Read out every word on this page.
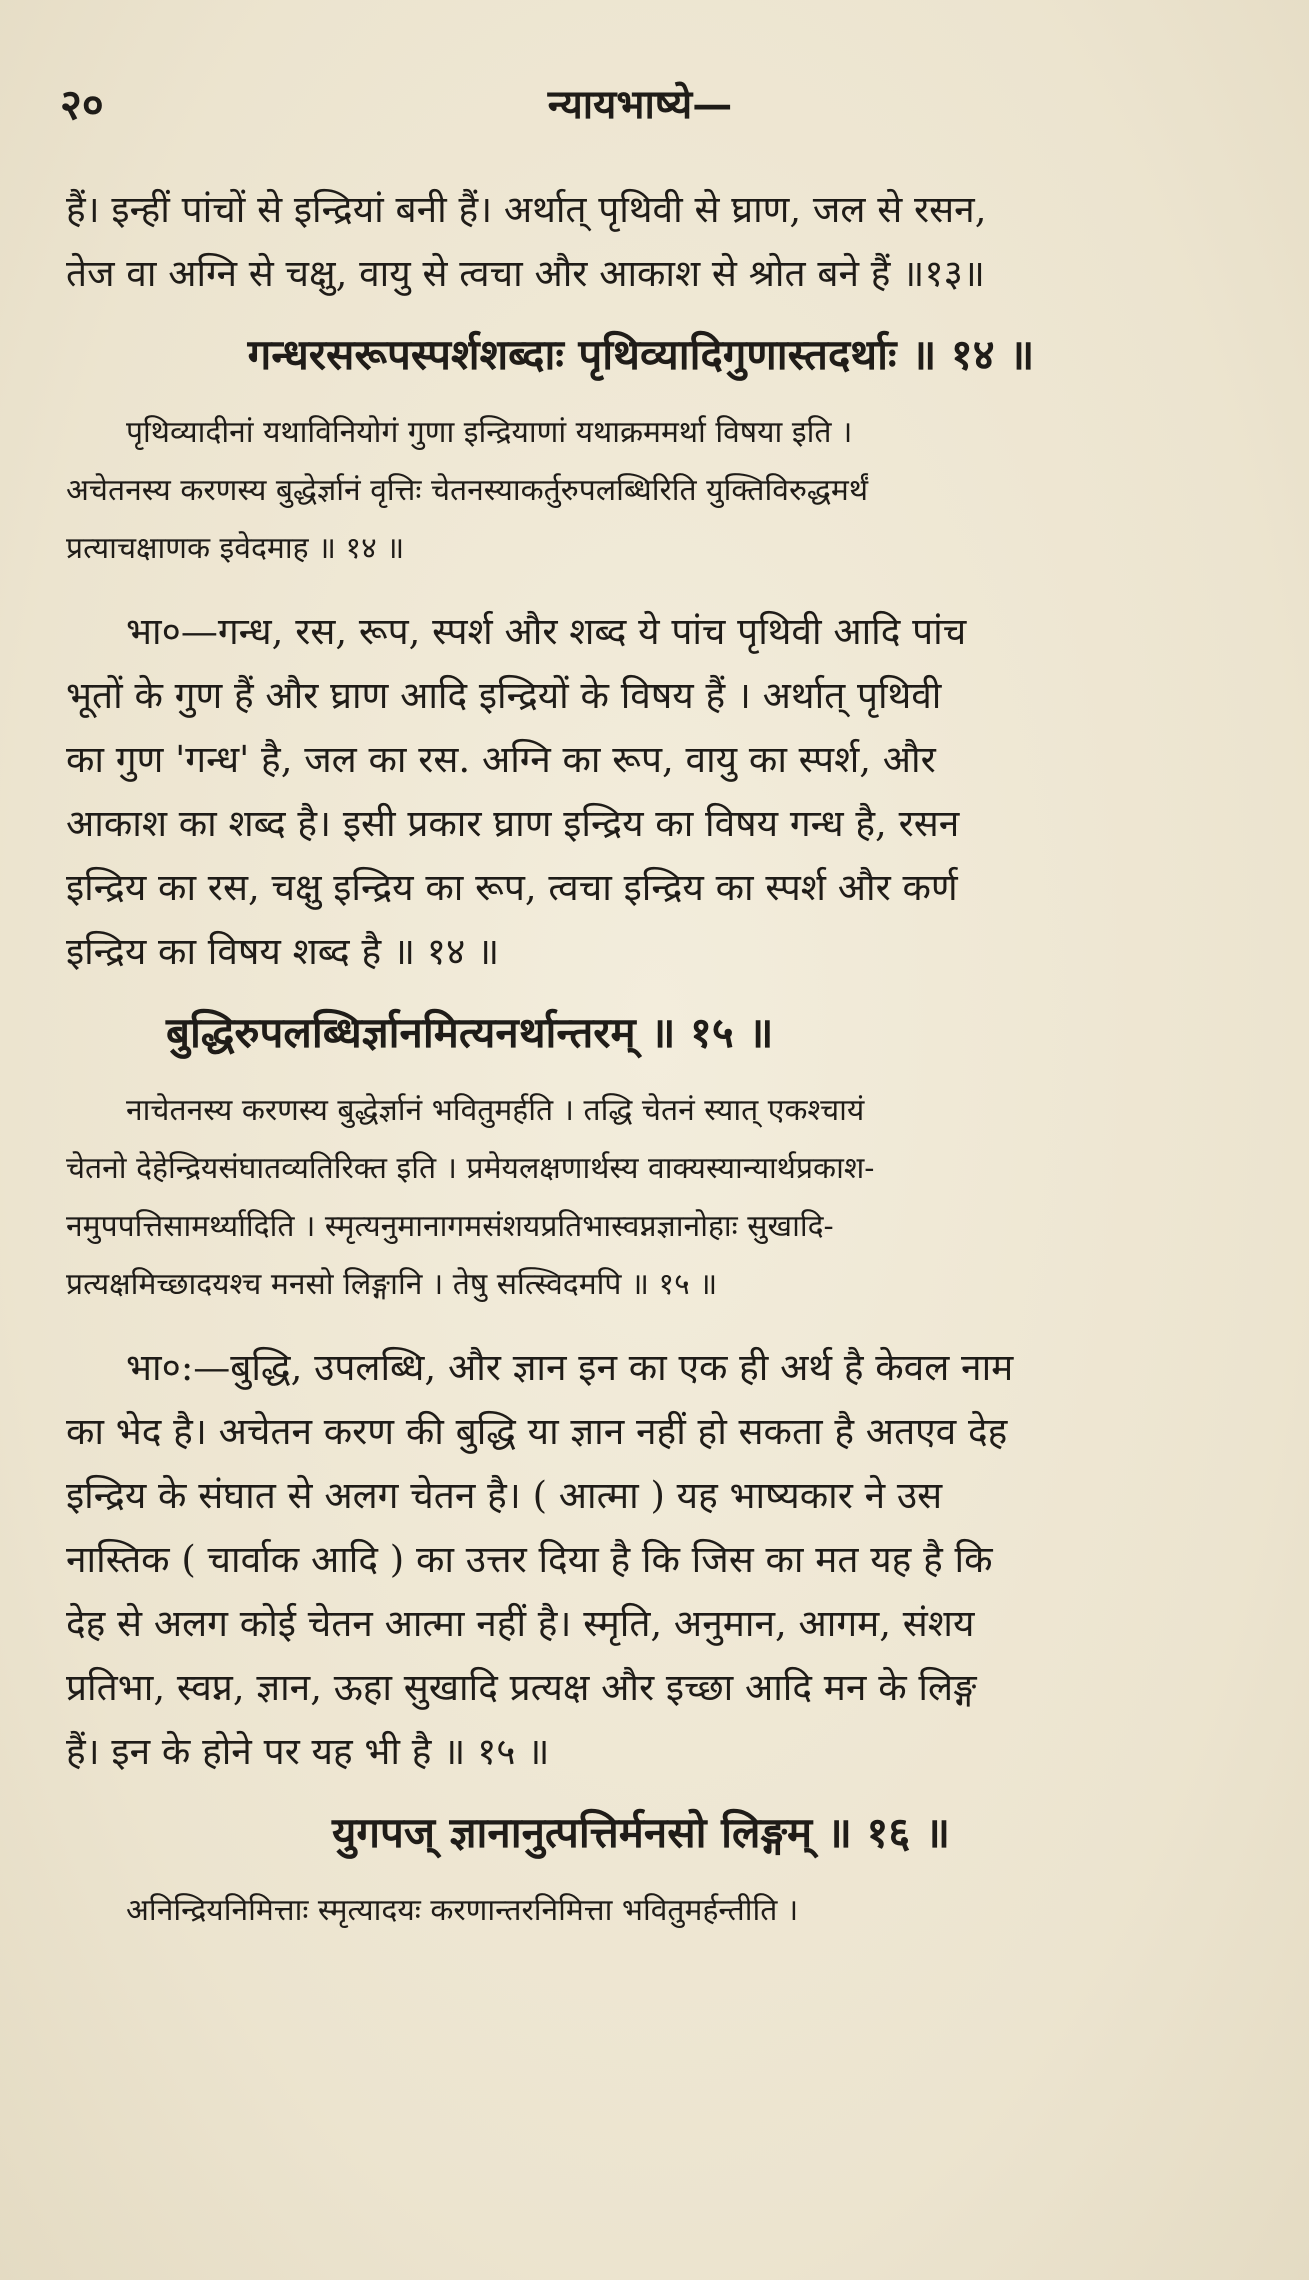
२०	न्यायभाष्ये—
हैं। इन्हीं पांचों से इन्द्रियां बनी हैं। अर्थात् पृथिवी से घ्राण, जल से रसन,
तेज वा अग्नि से चक्षु, वायु से त्वचा और आकाश से श्रोत बने हैं ॥१३॥
गन्धरसरूपस्पर्शशब्दाः पृथिव्यादिगुणास्तदर्थाः ॥ १४ ॥
पृथिव्यादीनां यथाविनियोगं गुणा इन्द्रियाणां यथाक्रममर्था विषया इति ।
अचेतनस्य करणस्य बुद्धेर्ज्ञानं वृत्तिः चेतनस्याकर्तुरुपलब्धिरिति युक्तिविरुद्धमर्थं
प्रत्याचक्षाणक इवेदमाह ॥ १४ ॥
भा०—गन्ध, रस, रूप, स्पर्श और शब्द ये पांच पृथिवी आदि पांच
भूतों के गुण हैं और घ्राण आदि इन्द्रियों के विषय हैं । अर्थात् पृथिवी
का गुण 'गन्ध' है, जल का रस. अग्नि का रूप, वायु का स्पर्श, और
आकाश का शब्द है। इसी प्रकार घ्राण इन्द्रिय का विषय गन्ध है, रसन
इन्द्रिय का रस, चक्षु इन्द्रिय का रूप, त्वचा इन्द्रिय का स्पर्श और कर्ण
इन्द्रिय का विषय शब्द है ॥ १४ ॥
बुद्धिरुपलब्धिर्ज्ञानमित्यनर्थान्तरम् ॥ १५ ॥
नाचेतनस्य करणस्य बुद्धेर्ज्ञानं भवितुमर्हति । तद्धि चेतनं स्यात् एकश्चायं
चेतनो देहेन्द्रियसंघातव्यतिरिक्त इति । प्रमेयलक्षणार्थस्य वाक्यस्यान्यार्थप्रकाश-
नमुपपत्तिसामर्थ्यादिति । स्मृत्यनुमानागमसंशयप्रतिभास्वप्नज्ञानोहाः सुखादि-
प्रत्यक्षमिच्छादयश्च मनसो लिङ्गानि । तेषु सत्स्विदमपि ॥ १५ ॥
भा०:—बुद्धि, उपलब्धि, और ज्ञान इन का एक ही अर्थ है केवल नाम
का भेद है। अचेतन करण की बुद्धि या ज्ञान नहीं हो सकता है अतएव देह
इन्द्रिय के संघात से अलग चेतन है। ( आत्मा ) यह भाष्यकार ने उस
नास्तिक ( चार्वाक आदि ) का उत्तर दिया है कि जिस का मत यह है कि
देह से अलग कोई चेतन आत्मा नहीं है। स्मृति, अनुमान, आगम, संशय
प्रतिभा, स्वप्न, ज्ञान, ऊहा सुखादि प्रत्यक्ष और इच्छा आदि मन के लिङ्ग
हैं। इन के होने पर यह भी है ॥ १५ ॥
युगपज् ज्ञानानुत्पत्तिर्मनसो लिङ्गम् ॥ १६ ॥
अनिन्द्रियनिमित्ताः स्मृत्यादयः करणान्तरनिमित्ता भवितुमर्हन्तीति ।
